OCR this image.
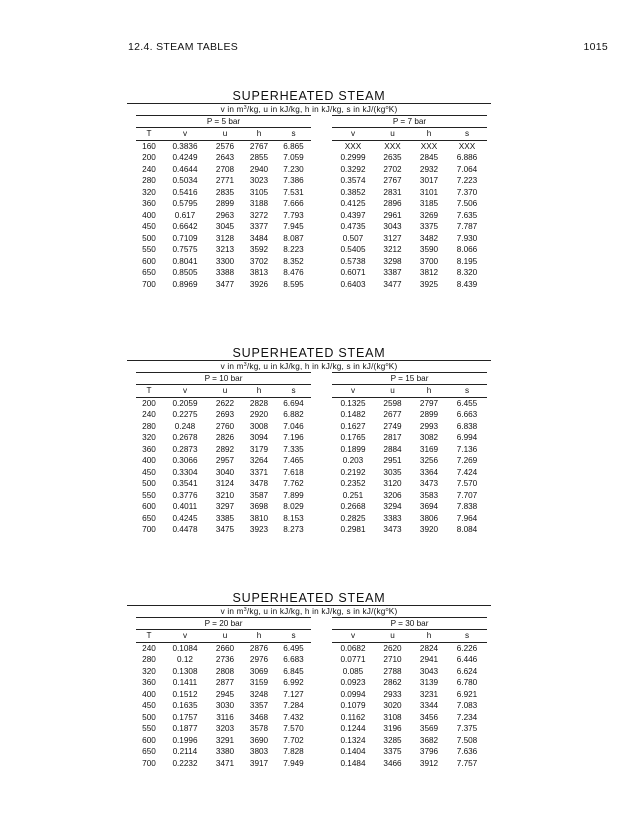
12.4. STEAM TABLES	1015
SUPERHEATED STEAM
v in $m^3/kg$, u in kJ/kg, h in kJ/kg, s in $kJ/(kg^oK)$
P = 5 bar
T	v	u	h	s
160	0.3836	2576	2767	6.865
200	0.4249	2643	2855	7.059
240	0.4644	2708	2940	7.230
280	0.5034	2771	3023	7.386
320	0.5416	2835	3105	7.531
360	0.5795	2899	3188	7.666
400	0.617	2963	3272	7.793
450	0.6642	3045	3377	7.945
500	0.7109	3128	3484	8.087
550	0.7575	3213	3592	8.223
600	0.8041	3300	3702	8.352
650	0.8505	3388	3813	8.476
700	0.8969	3477	3926	8.595
P = 7 bar
v	u	h	s
XXX	XXX	XXX	XXX
0.2999	2635	2845	6.886
0.3292	2702	2932	7.064
0.3574	2767	3017	7.223
0.3852	2831	3101	7.370
0.4125	2896	3185	7.506
0.4397	2961	3269	7.635
0.4735	3043	3375	7.787
0.507	3127	3482	7.930
0.5405	3212	3590	8.066
0.5738	3298	3700	8.195
0.6071	3387	3812	8.320
0.6403	3477	3925	8.439
SUPERHEATED STEAM
v in $m^3/kg$, u in kJ/kg, h in kJ/kg, s in $kJ/(kg^oK)$
P = 10 bar
T	v	u	h	s
200	0.2059	2622	2828	6.694
240	0.2275	2693	2920	6.882
280	0.248	2760	3008	7.046
320	0.2678	2826	3094	7.196
360	0.2873	2892	3179	7.335
400	0.3066	2957	3264	7.465
450	0.3304	3040	3371	7.618
500	0.3541	3124	3478	7.762
550	0.3776	3210	3587	7.899
600	0.4011	3297	3698	8.029
650	0.4245	3385	3810	8.153
700	0.4478	3475	3923	8.273
P = 15 bar
v	u	h	s
0.1325	2598	2797	6.455
0.1482	2677	2899	6.663
0.1627	2749	2993	6.838
0.1765	2817	3082	6.994
0.1899	2884	3169	7.136
0.203	2951	3256	7.269
0.2192	3035	3364	7.424
0.2352	3120	3473	7.570
0.251	3206	3583	7.707
0.2668	3294	3694	7.838
0.2825	3383	3806	7.964
0.2981	3473	3920	8.084
SUPERHEATED STEAM
v in $m^3/kg$, u in kJ/kg, h in kJ/kg, s in $kJ/(kg^oK)$
P = 20 bar
T	v	u	h	s
240	0.1084	2660	2876	6.495
280	0.12	2736	2976	6.683
320	0.1308	2808	3069	6.845
360	0.1411	2877	3159	6.992
400	0.1512	2945	3248	7.127
450	0.1635	3030	3357	7.284
500	0.1757	3116	3468	7.432
550	0.1877	3203	3578	7.570
600	0.1996	3291	3690	7.702
650	0.2114	3380	3803	7.828
700	0.2232	3471	3917	7.949
P = 30 bar
v	u	h	s
0.0682	2620	2824	6.226
0.0771	2710	2941	6.446
0.085	2788	3043	6.624
0.0923	2862	3139	6.780
0.0994	2933	3231	6.921
0.1079	3020	3344	7.083
0.1162	3108	3456	7.234
0.1244	3196	3569	7.375
0.1324	3285	3682	7.508
0.1404	3375	3796	7.636
0.1484	3466	3912	7.757
